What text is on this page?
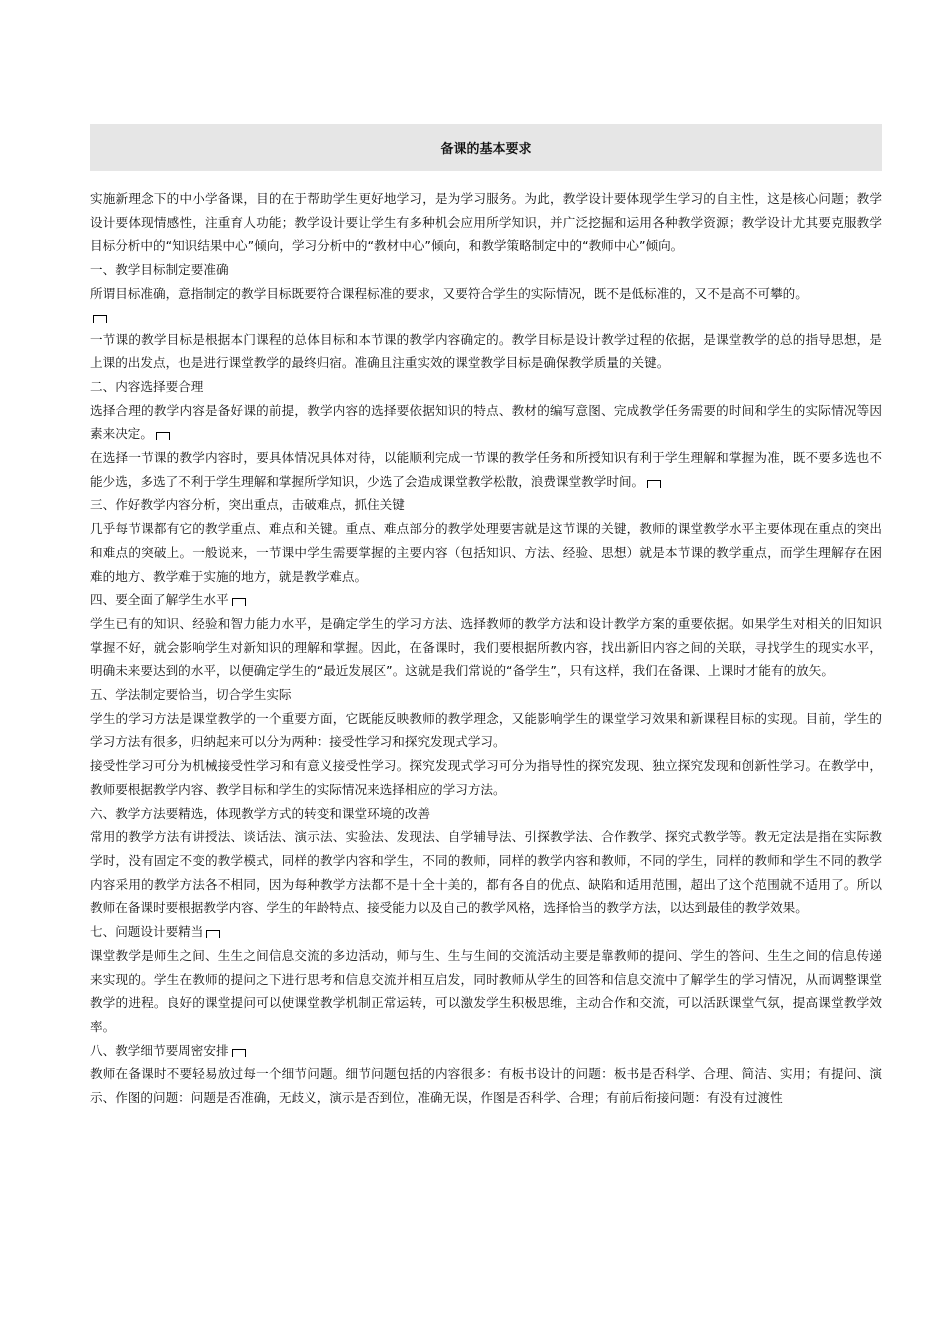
备课的基本要求

实施新理念下的中小学备课，目的在于帮助学生更好地学习，是为学习服务。为此，教学设计要体现学生学习的自主性，这是核心问题；教学设计要体现情感性，注重育人功能；教学设计要让学生有多种机会应用所学知识，并广泛挖掘和运用各种教学资源；教学设计尤其要克服教学目标分析中的“知识结果中心”倾向，学习分析中的“教材中心”倾向，和教学策略制定中的“教师中心”倾向。

一、教学目标制定要准确

所谓目标准确，意指制定的教学目标既要符合课程标准的要求，又要符合学生的实际情况，既不是低标准的，又不是高不可攀的。

一节课的教学目标是根据本门课程的总体目标和本节课的教学内容确定的。教学目标是设计教学过程的依据，是课堂教学的总的指导思想，是上课的出发点，也是进行课堂教学的最终归宿。准确且注重实效的课堂教学目标是确保教学质量的关键。

二、内容选择要合理

选择合理的教学内容是备好课的前提，教学内容的选择要依据知识的特点、教材的编写意图、完成教学任务需要的时间和学生的实际情况等因素来决定。

在选择一节课的教学内容时，要具体情况具体对待，以能顺利完成一节课的教学任务和所授知识有利于学生理解和掌握为准，既不要多选也不能少选，多选了不利于学生理解和掌握所学知识，少选了会造成课堂教学松散，浪费课堂教学时间。

三、作好教学内容分析，突出重点，击破难点，抓住关键

几乎每节课都有它的教学重点、难点和关键。重点、难点部分的教学处理要害就是这节课的关键，教师的课堂教学水平主要体现在重点的突出和难点的突破上。一般说来，一节课中学生需要掌握的主要内容（包括知识、方法、经验、思想）就是本节课的教学重点，而学生理解存在困难的地方、教学难于实施的地方，就是教学难点。

四、要全面了解学生水平

学生已有的知识、经验和智力能力水平，是确定学生的学习方法、选择教师的教学方法和设计教学方案的重要依据。如果学生对相关的旧知识掌握不好，就会影响学生对新知识的理解和掌握。因此，在备课时，我们要根据所教内容，找出新旧内容之间的关联，寻找学生的现实水平，明确未来要达到的水平，以便确定学生的“最近发展区”。这就是我们常说的“备学生”，只有这样，我们在备课、上课时才能有的放矢。

五、学法制定要恰当，切合学生实际

学生的学习方法是课堂教学的一个重要方面，它既能反映教师的教学理念，又能影响学生的课堂学习效果和新课程目标的实现。目前，学生的学习方法有很多，归纳起来可以分为两种：接受性学习和探究发现式学习。

接受性学习可分为机械接受性学习和有意义接受性学习。探究发现式学习可分为指导性的探究发现、独立探究发现和创新性学习。在教学中，教师要根据教学内容、教学目标和学生的实际情况来选择相应的学习方法。

六、教学方法要精选，体现教学方式的转变和课堂环境的改善

常用的教学方法有讲授法、谈话法、演示法、实验法、发现法、自学辅导法、引探教学法、合作教学、探究式教学等。教无定法是指在实际教学时，没有固定不变的教学模式，同样的教学内容和学生，不同的教师，同样的教学内容和教师，不同的学生，同样的教师和学生不同的教学内容采用的教学方法各不相同，因为每种教学方法都不是十全十美的，都有各自的优点、缺陷和适用范围，超出了这个范围就不适用了。所以教师在备课时要根据教学内容、学生的年龄特点、接受能力以及自己的教学风格，选择恰当的教学方法，以达到最佳的教学效果。

七、问题设计要精当

课堂教学是师生之间、生生之间信息交流的多边活动，师与生、生与生间的交流活动主要是靠教师的提问、学生的答问、生生之间的信息传递来实现的。学生在教师的提问之下进行思考和信息交流并相互启发，同时教师从学生的回答和信息交流中了解学生的学习情况，从而调整课堂教学的进程。良好的课堂提问可以使课堂教学机制正常运转，可以激发学生积极思维，主动合作和交流，可以活跃课堂气氛，提高课堂教学效率。

八、教学细节要周密安排

教师在备课时不要轻易放过每一个细节问题。细节问题包括的内容很多：有板书设计的问题：板书是否科学、合理、简洁、实用；有提问、演示、作图的问题：问题是否准确，无歧义，演示是否到位，准确无误，作图是否科学、合理；有前后衔接问题：有没有过渡性
